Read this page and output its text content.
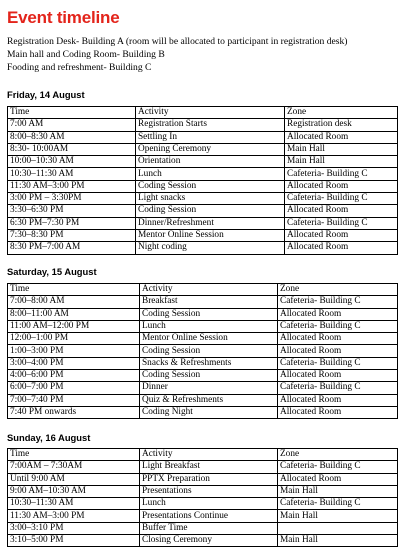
Event timeline

Registration Desk- Building A (room will be allocated to participant in registration desk)

Main hall and Coding Room- Building B

Fooding and refreshment- Building C

Friday, 14 August
Time	Activity	Zone
7:00 AM	Registration Starts	Registration desk
8:00–8:30 AM	Settling In	Allocated Room
8:30- 10:00AM	Opening Ceremony	Main Hall
10:00–10:30 AM	Orientation	Main Hall
10:30–11:30 AM	Lunch	Cafeteria- Building C
11:30 AM–3:00 PM	Coding Session	Allocated Room
3:00 PM – 3:30PM	Light snacks	Cafeteria- Building C
3:30–6:30 PM	Coding Session	Allocated Room
6:30 PM–7:30 PM	Dinner/Refreshment	Cafeteria- Building C
7:30–8:30 PM	Mentor Online Session	Allocated Room
8:30 PM–7:00 AM	Night coding	Allocated Room
Saturday, 15 August
Time	Activity	Zone
7:00–8:00 AM	Breakfast	Cafeteria- Building C
8:00–11:00 AM	Coding Session	Allocated Room
11:00 AM–12:00 PM	Lunch	Cafeteria- Building C
12:00–1:00 PM	Mentor Online Session	Allocated Room
1:00–3:00 PM	Coding Session	Allocated Room
3:00–4:00 PM	Snacks & Refreshments	Cafeteria- Building C
4:00–6:00 PM	Coding Session	Allocated Room
6:00–7:00 PM	Dinner	Cafeteria- Building C
7:00–7:40 PM	Quiz & Refreshments	Allocated Room
7:40 PM onwards	Coding Night	Allocated Room
Sunday, 16 August
Time	Activity	Zone
7:00AM – 7:30AM	Light Breakfast	Cafeteria- Building C
Until 9:00 AM	PPTX Preparation	Allocated Room
9:00 AM–10:30 AM	Presentations	Main Hall
10:30–11:30 AM	Lunch	Cafeteria- Building C
11:30 AM–3:00 PM	Presentations Continue	Main Hall
3:00–3:10 PM	Buffer Time	
3:10–5:00 PM	Closing Ceremony	Main Hall
